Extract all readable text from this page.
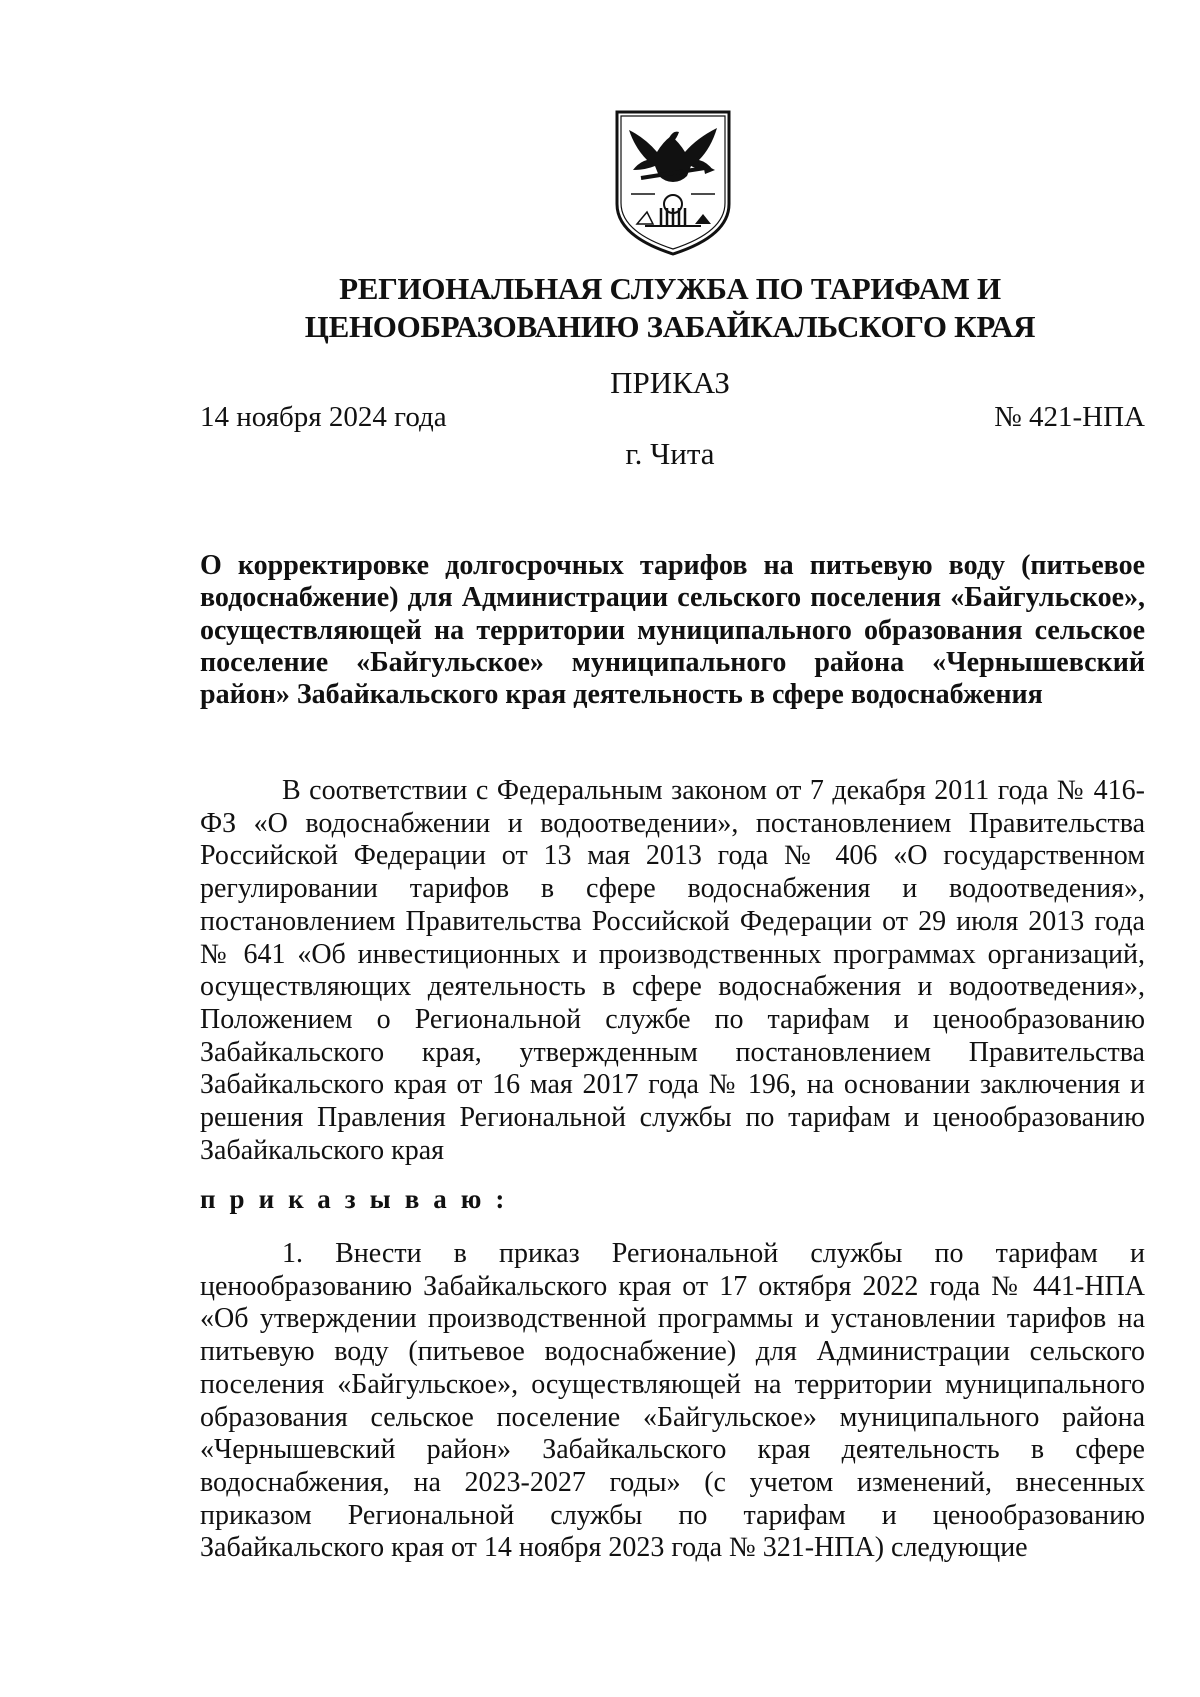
РЕГИОНАЛЬНАЯ СЛУЖБА ПО ТАРИФАМ И
ЦЕНООБРАЗОВАНИЮ ЗАБАЙКАЛЬСКОГО КРАЯ
ПРИКАЗ
14 ноября 2024 года	№ 421-НПА
г. Чита
О корректировке долгосрочных тарифов на питьевую воду (питьевое водоснабжение) для Администрации сельского поселения «Байгульское», осуществляющей на территории муниципального образования сельское поселение «Байгульское» муниципального района «Чернышевский район» Забайкальского края деятельность в сфере водоснабжения
В соответствии с Федеральным законом от 7 декабря 2011 года № 416-ФЗ «О водоснабжении и водоотведении», постановлением Правительства Российской Федерации от 13 мая 2013 года № 406 «О государственном регулировании тарифов в сфере водоснабжения и водоотведения», постановлением Правительства Российской Федерации от 29 июля 2013 года № 641 «Об инвестиционных и производственных программах организаций, осуществляющих деятельность в сфере водоснабжения и водоотведения», Положением о Региональной службе по тарифам и ценообразованию Забайкальского края, утвержденным постановлением Правительства Забайкальского края от 16 мая 2017 года № 196, на основании заключения и решения Правления Региональной службы по тарифам и ценообразованию Забайкальского края
приказываю:
1. Внести в приказ Региональной службы по тарифам и ценообразованию Забайкальского края от 17 октября 2022 года № 441-НПА «Об утверждении производственной программы и установлении тарифов на питьевую воду (питьевое водоснабжение) для Администрации сельского поселения «Байгульское», осуществляющей на территории муниципального образования сельское поселение «Байгульское» муниципального района «Чернышевский район» Забайкальского края деятельность в сфере водоснабжения, на 2023-2027 годы» (с учетом изменений, внесенных приказом Региональной службы по тарифам и ценообразованию Забайкальского края от 14 ноября 2023 года № 321-НПА) следующие
